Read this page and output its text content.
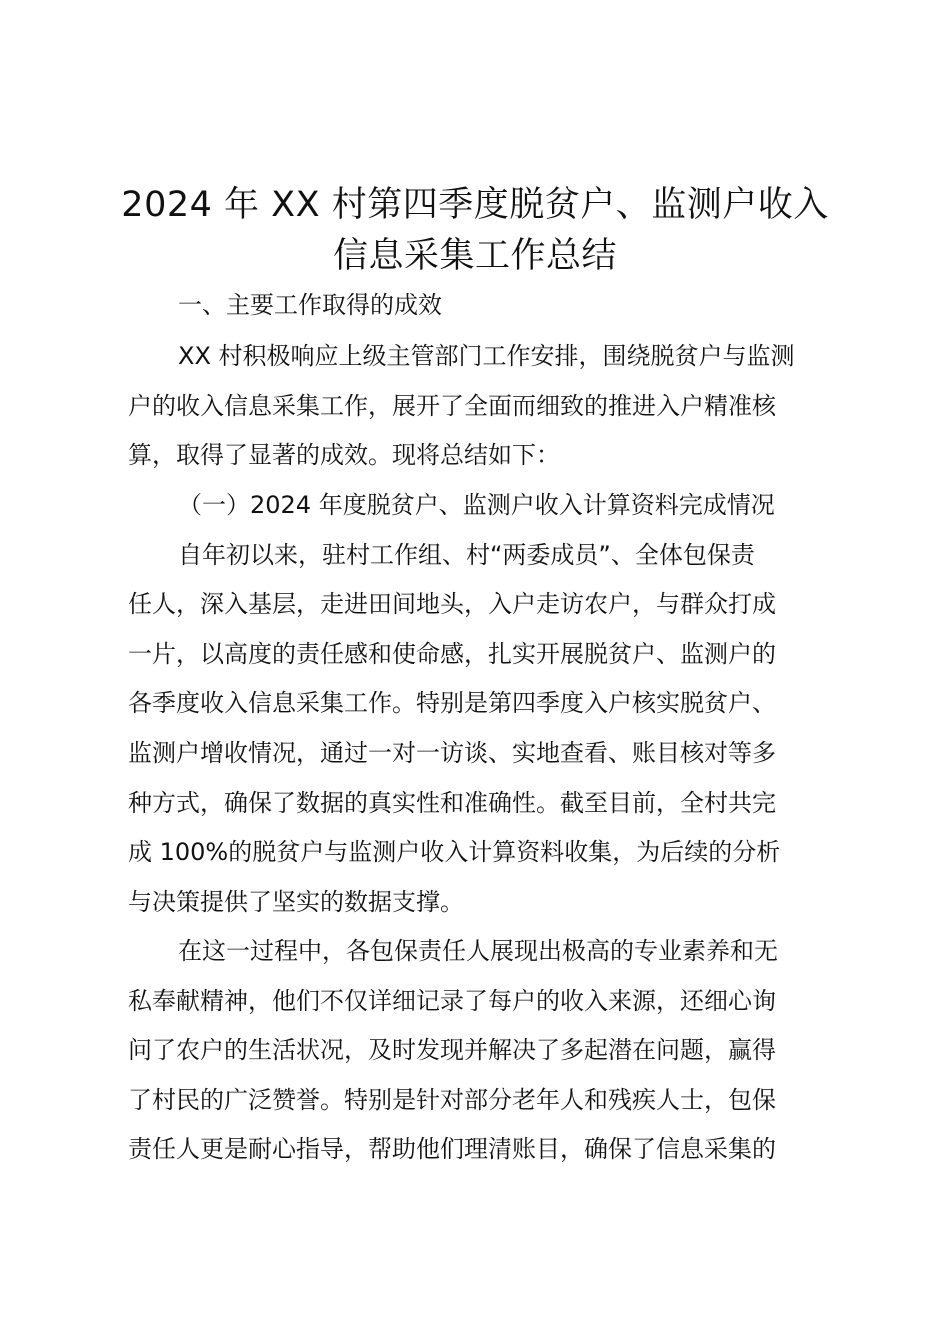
2024 年 XX 村第四季度脱贫户、监测户收入
信息采集工作总结
一、主要工作取得的成效
XX 村积极响应上级主管部门工作安排，围绕脱贫户与监测
户的收入信息采集工作，展开了全面而细致的推进入户精准核
算，取得了显著的成效。现将总结如下：
（一）2024 年度脱贫户、监测户收入计算资料完成情况
自年初以来，驻村工作组、村“两委成员”、全体包保责
任人，深入基层，走进田间地头，入户走访农户，与群众打成
一片，以高度的责任感和使命感，扎实开展脱贫户、监测户的
各季度收入信息采集工作。特别是第四季度入户核实脱贫户、
监测户增收情况，通过一对一访谈、实地查看、账目核对等多
种方式，确保了数据的真实性和准确性。截至目前，全村共完
成 100%的脱贫户与监测户收入计算资料收集，为后续的分析
与决策提供了坚实的数据支撑。
在这一过程中，各包保责任人展现出极高的专业素养和无
私奉献精神，他们不仅详细记录了每户的收入来源，还细心询
问了农户的生活状况，及时发现并解决了多起潜在问题，赢得
了村民的广泛赞誉。特别是针对部分老年人和残疾人士，包保
责任人更是耐心指导，帮助他们理清账目，确保了信息采集的
